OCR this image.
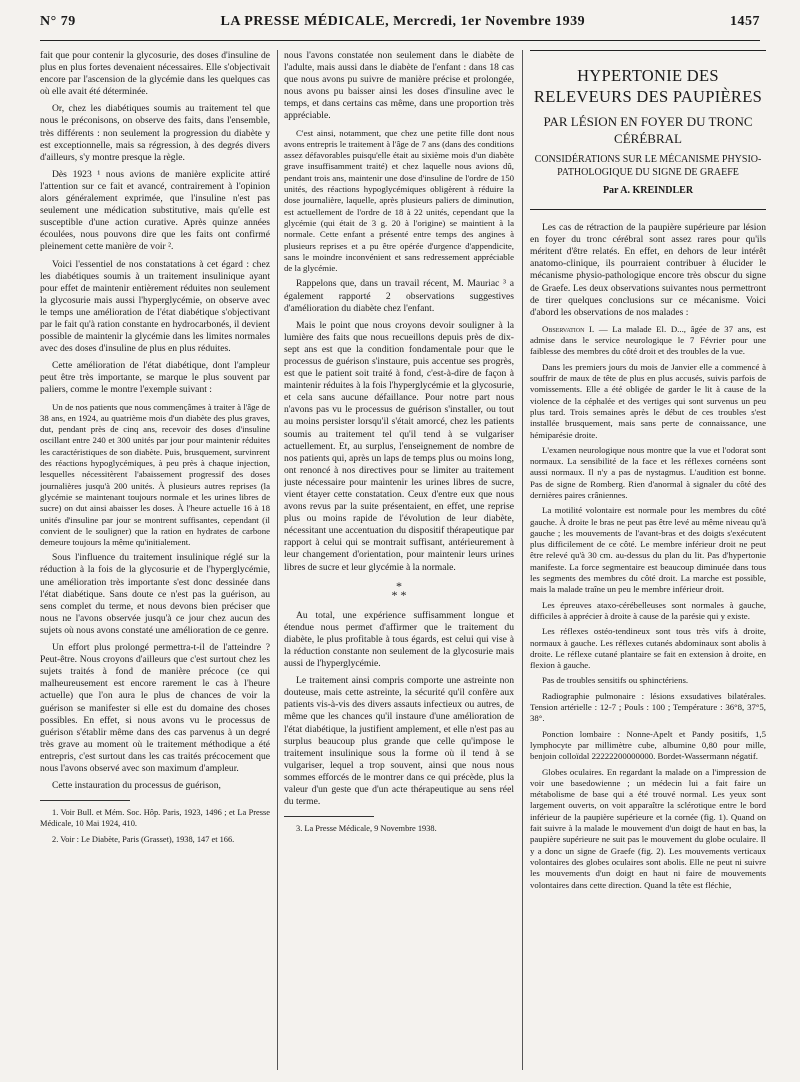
N° 79	LA PRESSE MÉDICALE, Mercredi, 1er Novembre 1939	1457

fait que pour contenir la glycosurie, des doses d'insuline de plus en plus fortes devenaient nécessaires. Elle s'objectivait encore par l'ascension de la glycémie dans les quelques cas où elle avait été déterminée.

Or, chez les diabétiques soumis au traitement tel que nous le préconisons, on observe des faits, dans l'ensemble, très différents : non seulement la progression du diabète y est exceptionnelle, mais sa régression, à des degrés divers d'ailleurs, s'y montre presque la règle.

Dès 1923 ¹ nous avions de manière explicite attiré l'attention sur ce fait et avancé, contrairement à l'opinion alors généralement exprimée, que l'insuline n'est pas seulement une médication substitutive, mais qu'elle est susceptible d'une action curative. Après quinze années écoulées, nous pouvons dire que les faits ont confirmé pleinement cette manière de voir ².

Voici l'essentiel de nos constatations à cet égard : chez les diabétiques soumis à un traitement insulinique ayant pour effet de maintenir entièrement réduites non seulement la glycosurie mais aussi l'hyperglycémie, on observe avec le temps une amélioration de l'état diabétique s'objectivant par le fait qu'à ration constante en hydrocarbonés, il devient possible de maintenir la glycémie dans les limites normales avec des doses d'insuline de plus en plus réduites.

Cette amélioration de l'état diabétique, dont l'ampleur peut être très importante, se marque le plus souvent par paliers, comme le montre l'exemple suivant :

Un de nos patients que nous commençâmes à traiter à l'âge de 38 ans, en 1924, au quatrième mois d'un diabète des plus graves, dut, pendant près de cinq ans, recevoir des doses d'insuline oscillant entre 240 et 300 unités par jour pour maintenir réduites les caractéristiques de son diabète. Puis, brusquement, survinrent des réactions hypoglycémiques, à peu près à chaque injection, lesquelles nécessitèrent l'abaissement progressif des doses journalières jusqu'à 200 unités. À plusieurs autres reprises (la glycémie se maintenant toujours normale et les urines libres de sucre) on dut ainsi abaisser les doses. À l'heure actuelle 16 à 18 unités d'insuline par jour se montrent suffisantes, cependant (il convient de le souligner) que la ration en hydrates de carbone demeure toujours la même qu'initialement.

Sous l'influence du traitement insulinique réglé sur la réduction à la fois de la glycosurie et de l'hyperglycémie, une amélioration très importante s'est donc dessinée dans l'état diabétique. Sans doute ce n'est pas la guérison, au sens complet du terme, et nous devons bien préciser que nous ne l'avons observée jusqu'à ce jour chez aucun des sujets où nous avons constaté une amélioration de ce genre.

Un effort plus prolongé permettra-t-il de l'atteindre ? Peut-être. Nous croyons d'ailleurs que c'est surtout chez les sujets traités à fond de manière précoce (ce qui malheureusement est encore rarement le cas à l'heure actuelle) que l'on aura le plus de chances de voir la guérison se manifester si elle est du domaine des choses possibles. En effet, si nous avons vu le processus de guérison s'établir même dans des cas parvenus à un degré très grave au moment où le traitement méthodique a été entrepris, c'est surtout dans les cas traités précocement que nous l'avons observé avec son maximum d'ampleur.

Cette instauration du processus de guérison,

1. Voir Bull. et Mém. Soc. Hôp. Paris, 1923, 1496 ; et La Presse Médicale, 10 Mai 1924, 410.

2. Voir : Le Diabète, Paris (Grasset), 1938, 147 et 166.

nous l'avons constatée non seulement dans le diabète de l'adulte, mais aussi dans le diabète de l'enfant : dans 18 cas que nous avons pu suivre de manière précise et prolongée, nous avons pu baisser ainsi les doses d'insuline avec le temps, et dans certains cas même, dans une proportion très appréciable.

C'est ainsi, notamment, que chez une petite fille dont nous avons entrepris le traitement à l'âge de 7 ans (dans des conditions assez défavorables puisqu'elle était au sixième mois d'un diabète grave insuffisamment traité) et chez laquelle nous avions dû, pendant trois ans, maintenir une dose d'insuline de l'ordre de 150 unités, des réactions hypoglycémiques obligèrent à réduire la dose journalière, laquelle, après plusieurs paliers de diminution, est actuellement de l'ordre de 18 à 22 unités, cependant que la glycémie (qui était de 3 g. 20 à l'origine) se maintient à la normale. Cette enfant a présenté entre temps des angines à plusieurs reprises et a pu être opérée d'urgence d'appendicite, sans le moindre inconvénient et sans redressement appréciable de la glycémie.

Rappelons que, dans un travail récent, M. Mauriac ³ a également rapporté 2 observations suggestives d'amélioration du diabète chez l'enfant.

Mais le point que nous croyons devoir souligner à la lumière des faits que nous recueillons depuis près de dix-sept ans est que la condition fondamentale pour que le processus de guérison s'instaure, puis accentue ses progrès, est que le patient soit traité à fond, c'est-à-dire de façon à maintenir réduites à la fois l'hyperglycémie et la glycosurie, et cela sans aucune défaillance. Pour notre part nous n'avons pas vu le processus de guérison s'installer, ou tout au moins persister lorsqu'il s'était amorcé, chez les patients soumis au traitement tel qu'il tend à se vulgariser actuellement. Et, au surplus, l'enseignement de nombre de nos patients qui, après un laps de temps plus ou moins long, ont renoncé à nos directives pour se limiter au traitement juste nécessaire pour maintenir les urines libres de sucre, vient étayer cette constatation. Ceux d'entre eux que nous avons revus par la suite présentaient, en effet, une reprise plus ou moins rapide de l'évolution de leur diabète, nécessitant une accentuation du dispositif thérapeutique par rapport à celui qui se montrait suffisant, antérieurement à leur changement d'orientation, pour maintenir leurs urines libres de sucre et leur glycémie à la normale.

*
* *

Au total, une expérience suffisamment longue et étendue nous permet d'affirmer que le traitement du diabète, le plus profitable à tous égards, est celui qui vise à la réduction constante non seulement de la glycosurie mais aussi de l'hyperglycémie.

Le traitement ainsi compris comporte une astreinte non douteuse, mais cette astreinte, la sécurité qu'il confère aux patients vis-à-vis des divers assauts infectieux ou autres, de même que les chances qu'il instaure d'une amélioration de l'état diabétique, la justifient amplement, et elle n'est pas au surplus beaucoup plus grande que celle qu'impose le traitement insulinique sous la forme où il tend à se vulgariser, lequel a trop souvent, ainsi que nous nous sommes efforcés de le montrer dans ce qui précède, plus la valeur d'un geste que d'un acte thérapeutique au sens réel du terme.

3. La Presse Médicale, 9 Novembre 1938.

HYPERTONIE DES RELEVEURS DES PAUPIÈRES
PAR LÉSION EN FOYER DU TRONC CÉRÉBRAL
CONSIDÉRATIONS SUR LE MÉCANISME PHYSIO-PATHOLOGIQUE DU SIGNE DE GRAEFE
Par A. KREINDLER

Les cas de rétraction de la paupière supérieure par lésion en foyer du tronc cérébral sont assez rares pour qu'ils méritent d'être relatés. En effet, en dehors de leur intérêt anatomo-clinique, ils pourraient contribuer à élucider le mécanisme physio-pathologique encore très obscur du signe de Graefe. Les deux observations suivantes nous permettront de tirer quelques conclusions sur ce mécanisme. Voici d'abord les observations de nos malades :

Observation I. — La malade El. D..., âgée de 37 ans, est admise dans le service neurologique le 7 Février pour une faiblesse des membres du côté droit et des troubles de la vue.

Dans les premiers jours du mois de Janvier elle a commencé à souffrir de maux de tête de plus en plus accusés, suivis parfois de vomissements. Elle a été obligée de garder le lit à cause de la violence de la céphalée et des vertiges qui sont survenus un peu plus tard. Trois semaines après le début de ces troubles s'est installée brusquement, mais sans perte de connaissance, une hémiparésie droite.

L'examen neurologique nous montre que la vue et l'odorat sont normaux. La sensibilité de la face et les réflexes cornéens sont aussi normaux. Il n'y a pas de nystagmus. L'audition est bonne. Pas de signe de Romberg. Rien d'anormal à signaler du côté des dernières paires crâniennes.

La motilité volontaire est normale pour les membres du côté gauche. À droite le bras ne peut pas être levé au même niveau qu'à gauche ; les mouvements de l'avant-bras et des doigts s'exécutent plus difficilement de ce côté. Le membre inférieur droit ne peut être relevé qu'à 30 cm. au-dessus du plan du lit. Pas d'hypertonie manifeste. La force segmentaire est beaucoup diminuée dans tous les segments des membres du côté droit. La marche est possible, mais la malade traîne un peu le membre inférieur droit.

Les épreuves ataxo-cérébelleuses sont normales à gauche, difficiles à apprécier à droite à cause de la parésie qui y existe.

Les réflexes ostéo-tendineux sont tous très vifs à droite, normaux à gauche. Les réflexes cutanés abdominaux sont abolis à droite. Le réflexe cutané plantaire se fait en extension à droite, en flexion à gauche.

Pas de troubles sensitifs ou sphinctériens.

Radiographie pulmonaire : lésions exsudatives bilatérales. Tension artérielle : 12-7 ; Pouls : 100 ; Température : 36°8, 37°5, 38°.

Ponction lombaire : Nonne-Apelt et Pandy positifs, 1,5 lymphocyte par millimètre cube, albumine 0,80 pour mille, benjoin colloïdal 22222200000000. Bordet-Wassermann négatif.

Globes oculaires. En regardant la malade on a l'impression de voir une basedowienne ; un médecin lui a fait faire un métabolisme de base qui a été trouvé normal. Les yeux sont largement ouverts, on voit apparaître la sclérotique entre le bord inférieur de la paupière supérieure et la cornée (fig. 1). Quand on fait suivre à la malade le mouvement d'un doigt de haut en bas, la paupière supérieure ne suit pas le mouvement du globe oculaire. Il y a donc un signe de Graefe (fig. 2). Les mouvements verticaux volontaires des globes oculaires sont abolis. Elle ne peut ni suivre les mouvements d'un doigt en haut ni faire de mouvements volontaires dans cette direction. Quand la tête est fléchie,
